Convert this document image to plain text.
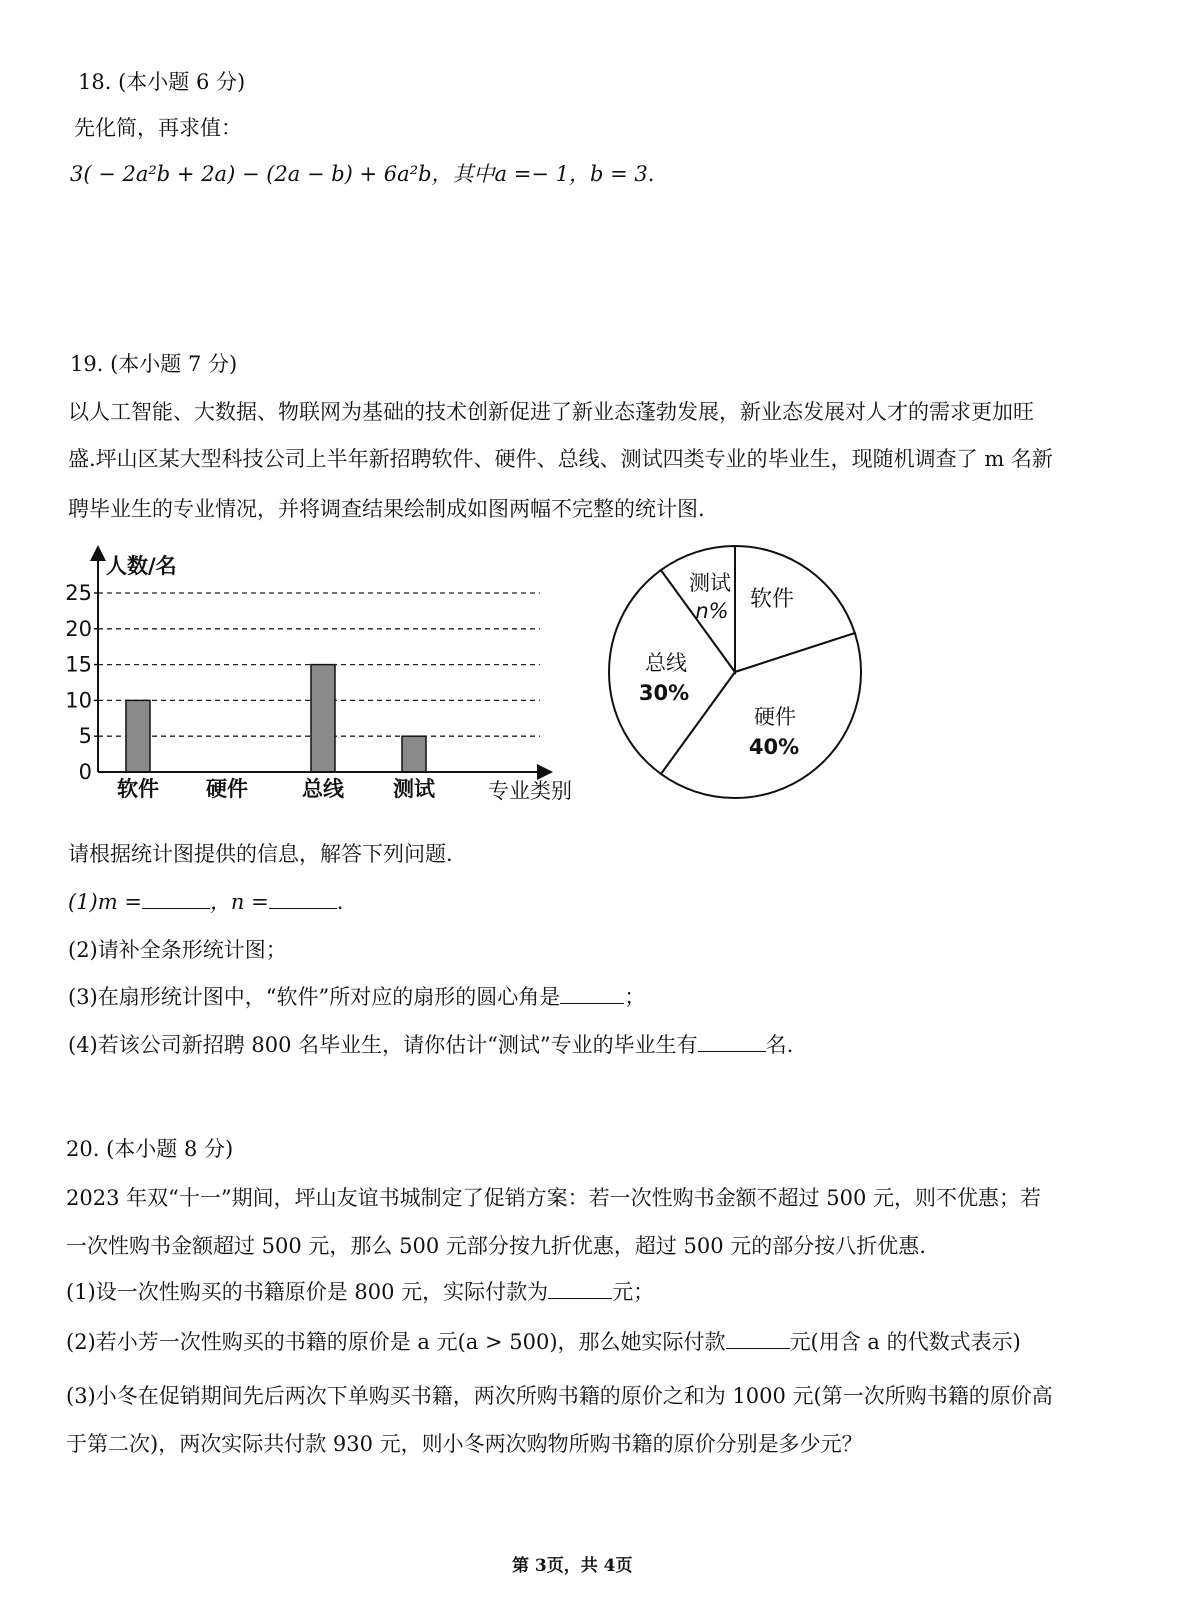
18. (本小题 6 分)
先化简，再求值：
3( − 2a²b + 2a) − (2a − b) + 6a²b，其中a =− 1，b = 3.
19. (本小题 7 分)
以人工智能、大数据、物联网为基础的技术创新促进了新业态蓬勃发展，新业态发展对人才的需求更加旺
盛.坪山区某大型科技公司上半年新招聘软件、硬件、总线、测试四类专业的毕业生，现随机调查了 m 名新
聘毕业生的专业情况，并将调查结果绘制成如图两幅不完整的统计图.
0
5
10
15
20
25
软件 硬件	总线 测试
人数/名
专业类别
测试
n% 软件
总线
30%
硬件
40%
请根据统计图提供的信息，解答下列问题.
(1)m =	，n =	.
(2)请补全条形统计图；
(3)在扇形统计图中，“软件”所对应的扇形的圆心角是	；
(4)若该公司新招聘 800 名毕业生，请你估计“测试”专业的毕业生有	名.
20. (本小题 8 分)
2023 年双“十一”期间，坪山友谊书城制定了促销方案：若一次性购书金额不超过 500 元，则不优惠；若
一次性购书金额超过 500 元，那么 500 元部分按九折优惠，超过 500 元的部分按八折优惠.
(1)设一次性购买的书籍原价是 800 元，实际付款为	元；
(2)若小芳一次性购买的书籍的原价是 a 元(a > 500)，那么她实际付款	元(用含 a 的代数式表示)
(3)小冬在促销期间先后两次下单购买书籍，两次所购书籍的原价之和为 1000 元(第一次所购书籍的原价高
于第二次)，两次实际共付款 930 元，则小冬两次购物所购书籍的原价分别是多少元？
第 3页，共 4页
